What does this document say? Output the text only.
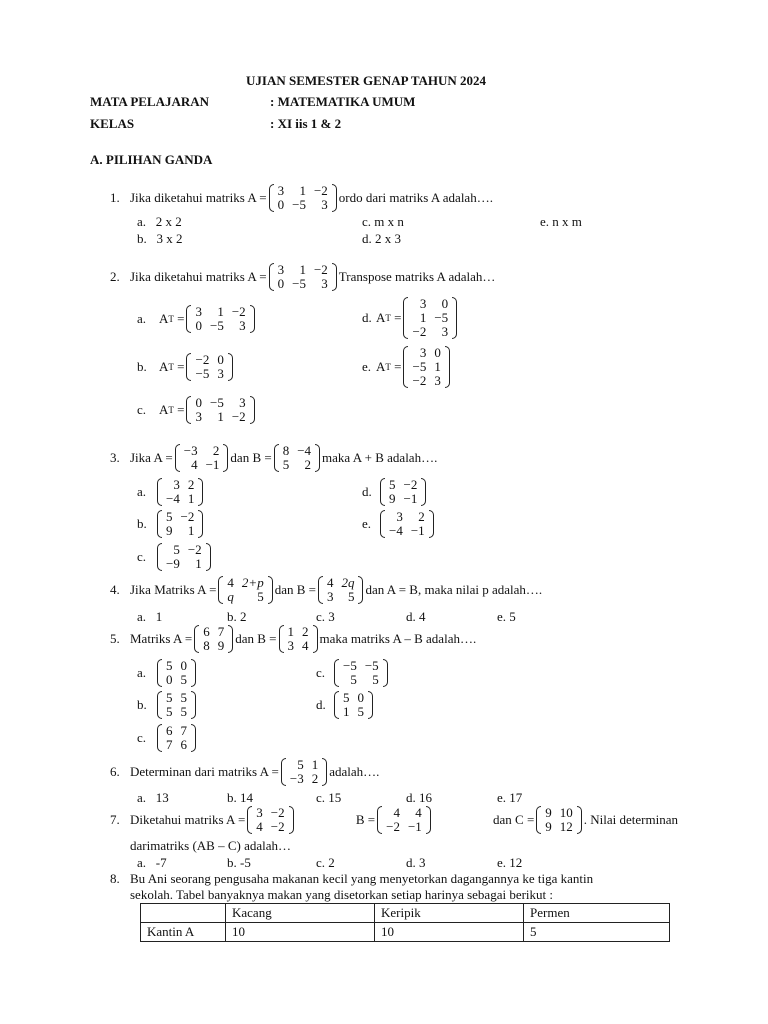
UJIAN SEMESTER GENAP TAHUN 2024
MATA PELAJARAN	: MATEMATIKA UMUM
KELAS	: XI iis 1 & 2
A. PILIHAN GANDA
1. Jika diketahui matriks A = 3	1	−2
0	−5	3 ordo dari matriks A adalah….
a. 2 x 2
b. 3 x 2
c. m x n
d. 2 x 3
e. n x m
2. Jika diketahui matriks A = 3	1	−2
0	−5	3 Transpose matriks A adalah…
a. A T
= 3	1	−2
0	−5	3
b. A T
= −2	0
−5	3
c. A T
= 0	−5	3
3	1	−2
d. A T
=
3	0
1	−5
−2	3
e. A T
=
3	0
−5	1
−2	3
3. Jika A = −3	2
4	−1 dan B = 8	−4
5	2 maka A + B adalah….
a.	3	2
−4	1
b.	5	−2
9	1
c.	5	−2
−9	1
d.	5	−2
9	−1
e.	3	2
−4	−1
4. Jika Matriks A = 4	2+p
q	5 dan B = 4	2q
3	5 dan A = B, maka nilai p adalah….
a. 1	b. 2	c. 3	d. 4	e. 5
5. Matriks A = 6	7
8	9 dan B = 1	2
3	4 maka matriks A – B adalah….
a.	5	0
0	5
b.	5	5
5	5
c.	6	7
7	6
c.	−5	−5
5	5
d.	5	0
1	5
6. Determinan dari matriks A = 5	1
−3	2 adalah….
a. 13	b. 14	c. 15	d. 16	e. 17
7. Diketahui matriks A = 3	−2
4	−2	B = 4	4
−2	−1	dan C = 9	10
9	12 . Nilai determinan
darimatriks (AB – C) adalah…
a. -7	b. -5	c. 2	d. 3	e. 12
8. Bu Ani seorang pengusaha makanan kecil yang menyetorkan dagangannya ke tiga kantin
sekolah. Tabel banyaknya makan yang disetorkan setiap harinya sebagai berikut :
	Kacang	Keripik	Permen
Kantin A	10	10	5
